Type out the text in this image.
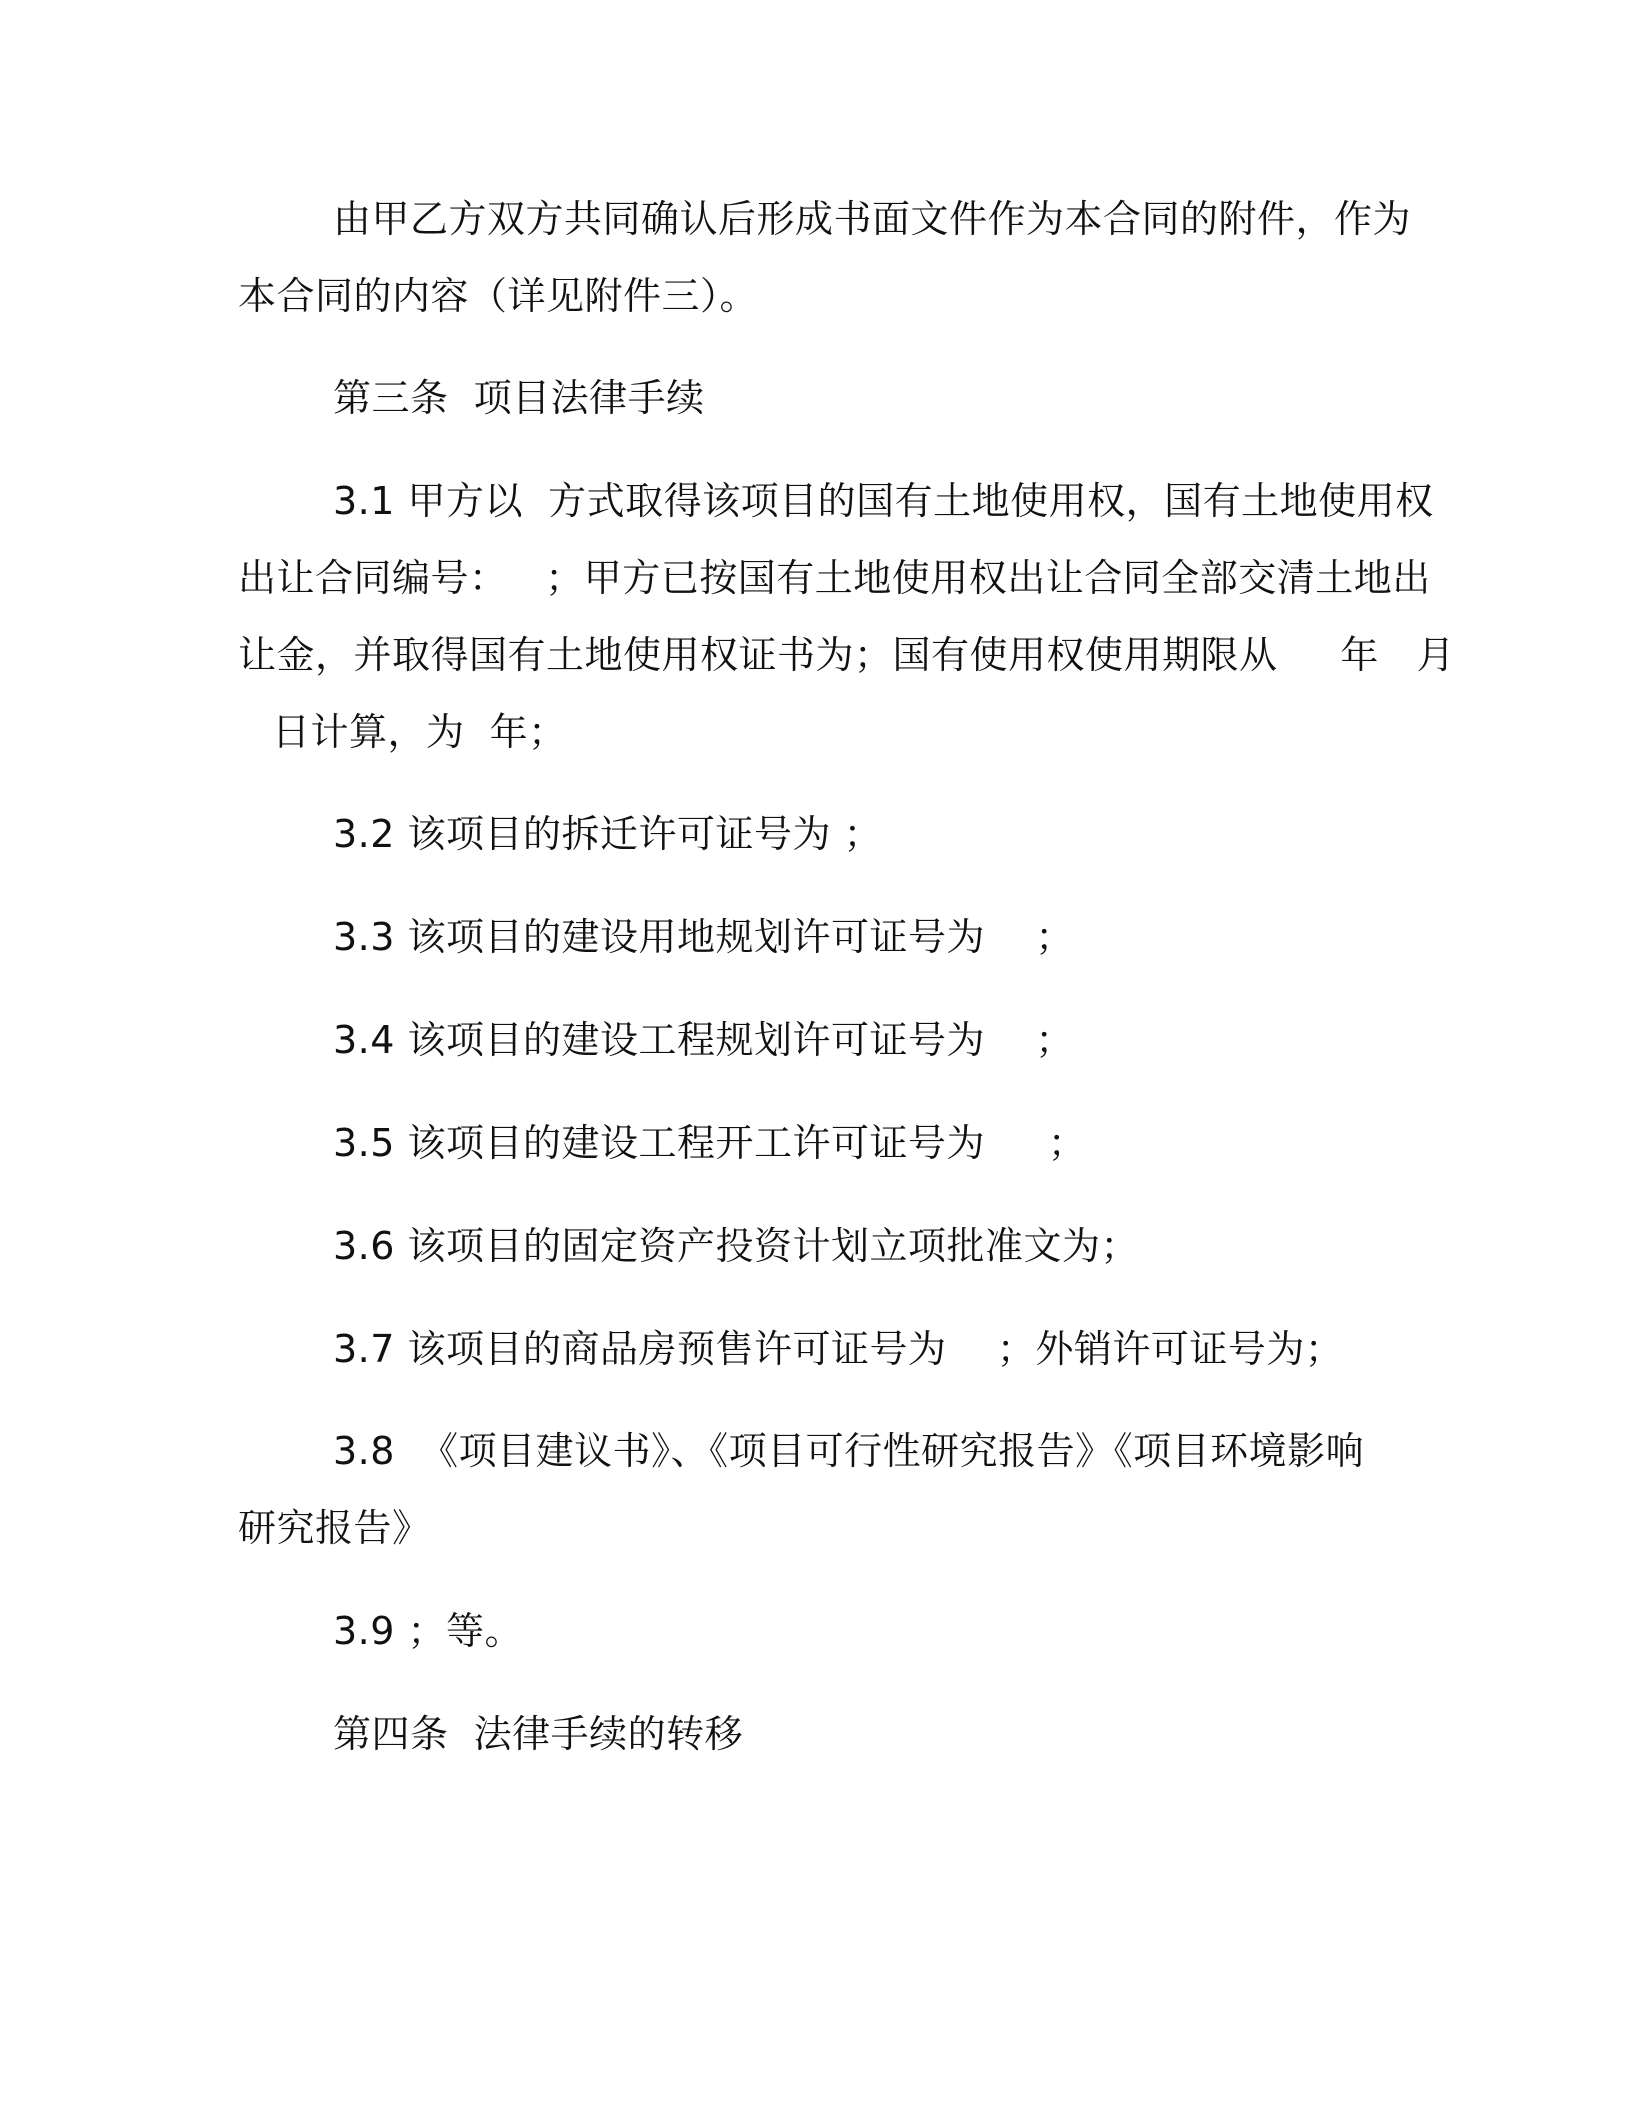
由甲乙方双方共同确认后形成书面文件作为本合同的附件，作为
本合同的内容（详见附件三）。
第三条  项目法律手续
3.1 甲方以  方式取得该项目的国有土地使用权，国有土地使用权
出让合同编号：   ；甲方已按国有土地使用权出让合同全部交清土地出
让金，并取得国有土地使用权证书为；国有使用权使用期限从     年   月
日计算，为  年；
3.2 该项目的拆迁许可证号为 ；
3.3 该项目的建设用地规划许可证号为    ；
3.4 该项目的建设工程规划许可证号为    ；
3.5 该项目的建设工程开工许可证号为     ；
3.6 该项目的固定资产投资计划立项批准文为；
3.7 该项目的商品房预售许可证号为    ；外销许可证号为；
3.8  《项目建议书》、《项目可行性研究报告》《项目环境影响
研究报告》
3.9 ；等。
第四条  法律手续的转移
